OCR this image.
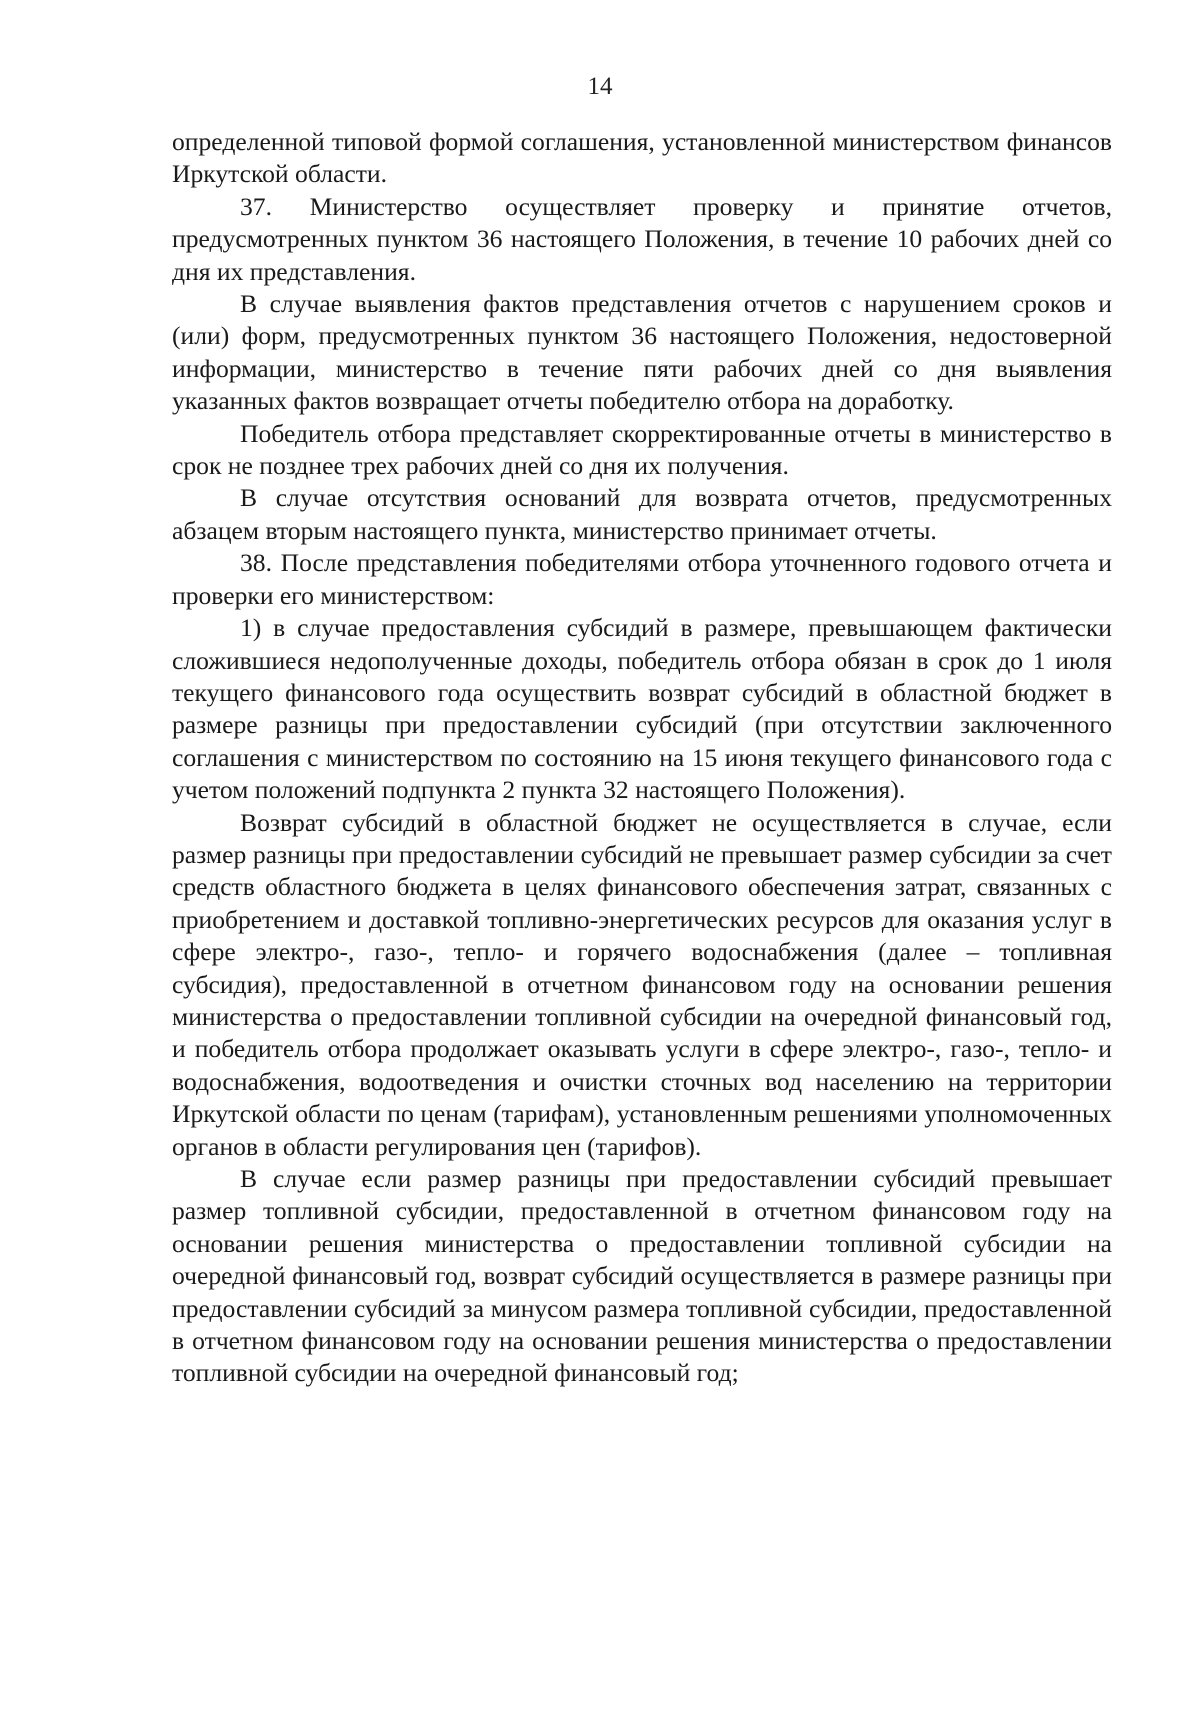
14

определенной типовой формой соглашения, установленной министерством финансов Иркутской области.

37. Министерство осуществляет проверку и принятие отчетов, предусмотренных пунктом 36 настоящего Положения, в течение 10 рабочих дней со дня их представления.

В случае выявления фактов представления отчетов с нарушением сроков и (или) форм, предусмотренных пунктом 36 настоящего Положения, недостоверной информации, министерство в течение пяти рабочих дней со дня выявления указанных фактов возвращает отчеты победителю отбора на доработку.

Победитель отбора представляет скорректированные отчеты в министерство в срок не позднее трех рабочих дней со дня их получения.

В случае отсутствия оснований для возврата отчетов, предусмотренных абзацем вторым настоящего пункта, министерство принимает отчеты.

38. После представления победителями отбора уточненного годового отчета и проверки его министерством:

1) в случае предоставления субсидий в размере, превышающем фактически сложившиеся недополученные доходы, победитель отбора обязан в срок до 1 июля текущего финансового года осуществить возврат субсидий в областной бюджет в размере разницы при предоставлении субсидий (при отсутствии заключенного соглашения с министерством по состоянию на 15 июня текущего финансового года с учетом положений подпункта 2 пункта 32 настоящего Положения).

Возврат субсидий в областной бюджет не осуществляется в случае, если размер разницы при предоставлении субсидий не превышает размер субсидии за счет средств областного бюджета в целях финансового обеспечения затрат, связанных с приобретением и доставкой топливно-энергетических ресурсов для оказания услуг в сфере электро-, газо-, тепло- и горячего водоснабжения (далее – топливная субсидия), предоставленной в отчетном финансовом году на основании решения министерства о предоставлении топливной субсидии на очередной финансовый год, и победитель отбора продолжает оказывать услуги в сфере электро-, газо-, тепло- и водоснабжения, водоотведения и очистки сточных вод населению на территории Иркутской области по ценам (тарифам), установленным решениями уполномоченных органов в области регулирования цен (тарифов).

В случае если размер разницы при предоставлении субсидий превышает размер топливной субсидии, предоставленной в отчетном финансовом году на основании решения министерства о предоставлении топливной субсидии на очередной финансовый год, возврат субсидий осуществляется в размере разницы при предоставлении субсидий за минусом размера топливной субсидии, предоставленной в отчетном финансовом году на основании решения министерства о предоставлении топливной субсидии на очередной финансовый год;
